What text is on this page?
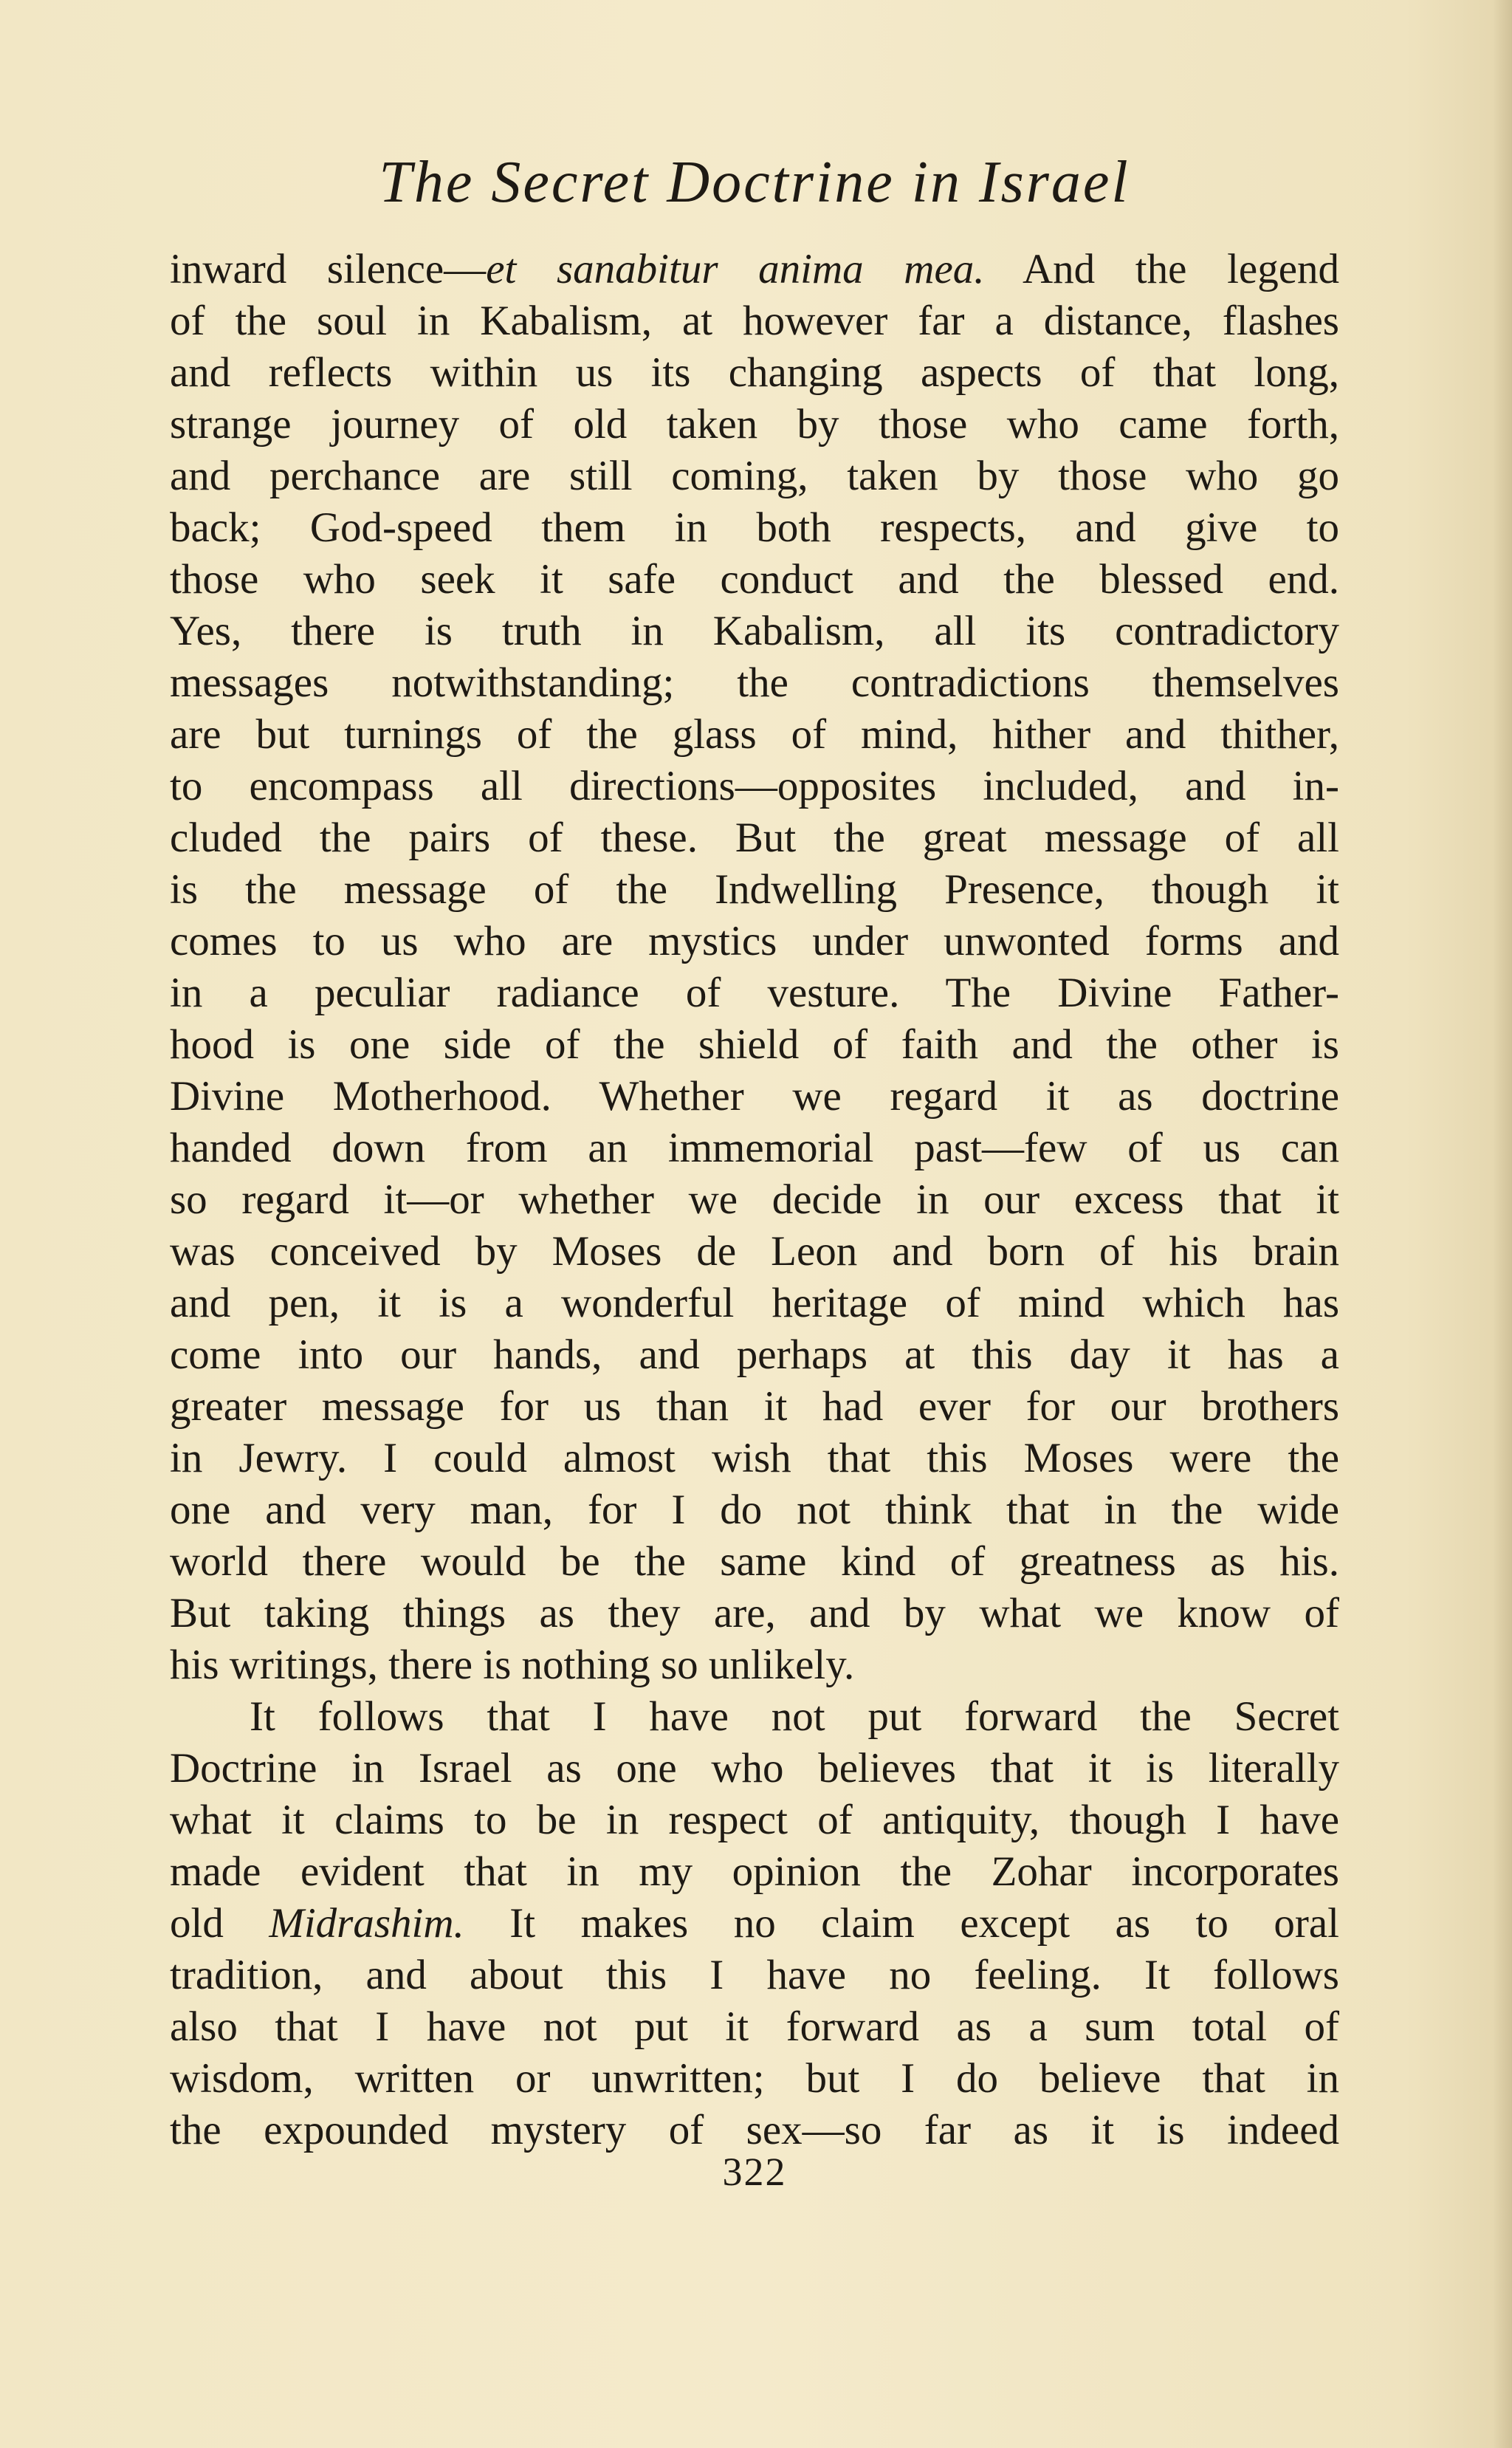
The Secret Doctrine in Israel
inward silence—et sanabitur anima mea. And the legend
of the soul in Kabalism, at however far a distance, flashes
and reflects within us its changing aspects of that long,
strange journey of old taken by those who came forth,
and perchance are still coming, taken by those who go
back; God-speed them in both respects, and give to
those who seek it safe conduct and the blessed end.
Yes, there is truth in Kabalism, all its contradictory
messages notwithstanding; the contradictions themselves
are but turnings of the glass of mind, hither and thither,
to encompass all directions—opposites included, and in-
cluded the pairs of these. But the great message of all
is the message of the Indwelling Presence, though it
comes to us who are mystics under unwonted forms and
in a peculiar radiance of vesture. The Divine Father-
hood is one side of the shield of faith and the other is
Divine Motherhood. Whether we regard it as doctrine
handed down from an immemorial past—few of us can
so regard it—or whether we decide in our excess that it
was conceived by Moses de Leon and born of his brain
and pen, it is a wonderful heritage of mind which has
come into our hands, and perhaps at this day it has a
greater message for us than it had ever for our brothers
in Jewry. I could almost wish that this Moses were the
one and very man, for I do not think that in the wide
world there would be the same kind of greatness as his.
But taking things as they are, and by what we know of
his writings, there is nothing so unlikely.
It follows that I have not put forward the Secret
Doctrine in Israel as one who believes that it is literally
what it claims to be in respect of antiquity, though I have
made evident that in my opinion the Zohar incorporates
old Midrashim. It makes no claim except as to oral
tradition, and about this I have no feeling. It follows
also that I have not put it forward as a sum total of
wisdom, written or unwritten; but I do believe that in
the expounded mystery of sex—so far as it is indeed
322
